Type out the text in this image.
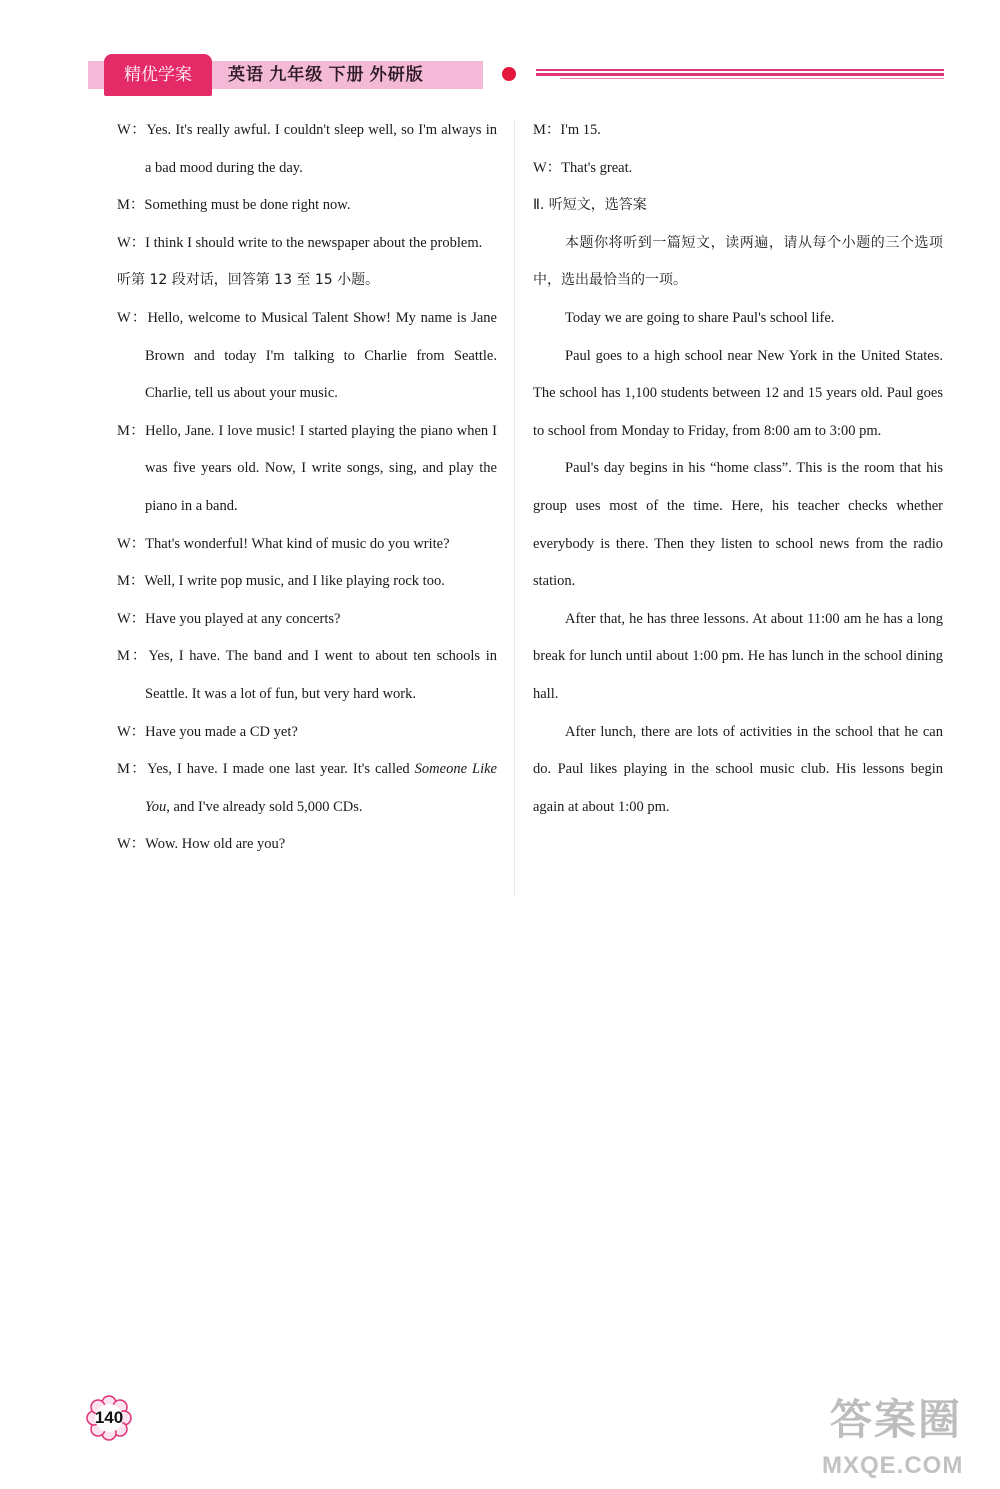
精优学案	英语 九年级 下册 外研版

W：Yes. It's really awful. I couldn't sleep well, so I'm always in a bad mood during the day.

M：Something must be done right now.

W：I think I should write to the newspaper about the problem.

听第 12 段对话，回答第 13 至 15 小题。

W：Hello, welcome to Musical Talent Show! My name is Jane Brown and today I'm talking to Charlie from Seattle. Charlie, tell us about your music.

M：Hello, Jane. I love music! I started playing the piano when I was five years old. Now, I write songs, sing, and play the piano in a band.

W：That's wonderful! What kind of music do you write?

M：Well, I write pop music, and I like playing rock too.

W：Have you played at any concerts?

M：Yes, I have. The band and I went to about ten schools in Seattle. It was a lot of fun, but very hard work.

W：Have you made a CD yet?

M：Yes, I have. I made one last year. It's called Someone Like You, and I've already sold 5,000 CDs.

W：Wow. How old are you?

M：I'm 15.

W：That's great.

Ⅱ. 听短文，选答案

本题你将听到一篇短文，读两遍，请从每个小题的三个选项中，选出最恰当的一项。

Today we are going to share Paul's school life.

Paul goes to a high school near New York in the United States. The school has 1,100 students between 12 and 15 years old. Paul goes to school from Monday to Friday, from 8:00 am to 3:00 pm.

Paul's day begins in his “home class”. This is the room that his group uses most of the time. Here, his teacher checks whether everybody is there. Then they listen to school news from the radio station.

After that, he has three lessons. At about 11:00 am he has a long break for lunch until about 1:00 pm. He has lunch in the school dining hall.

After lunch, there are lots of activities in the school that he can do. Paul likes playing in the school music club. His lessons begin again at about 1:00 pm.

140	答案圈
MXQE.COM
